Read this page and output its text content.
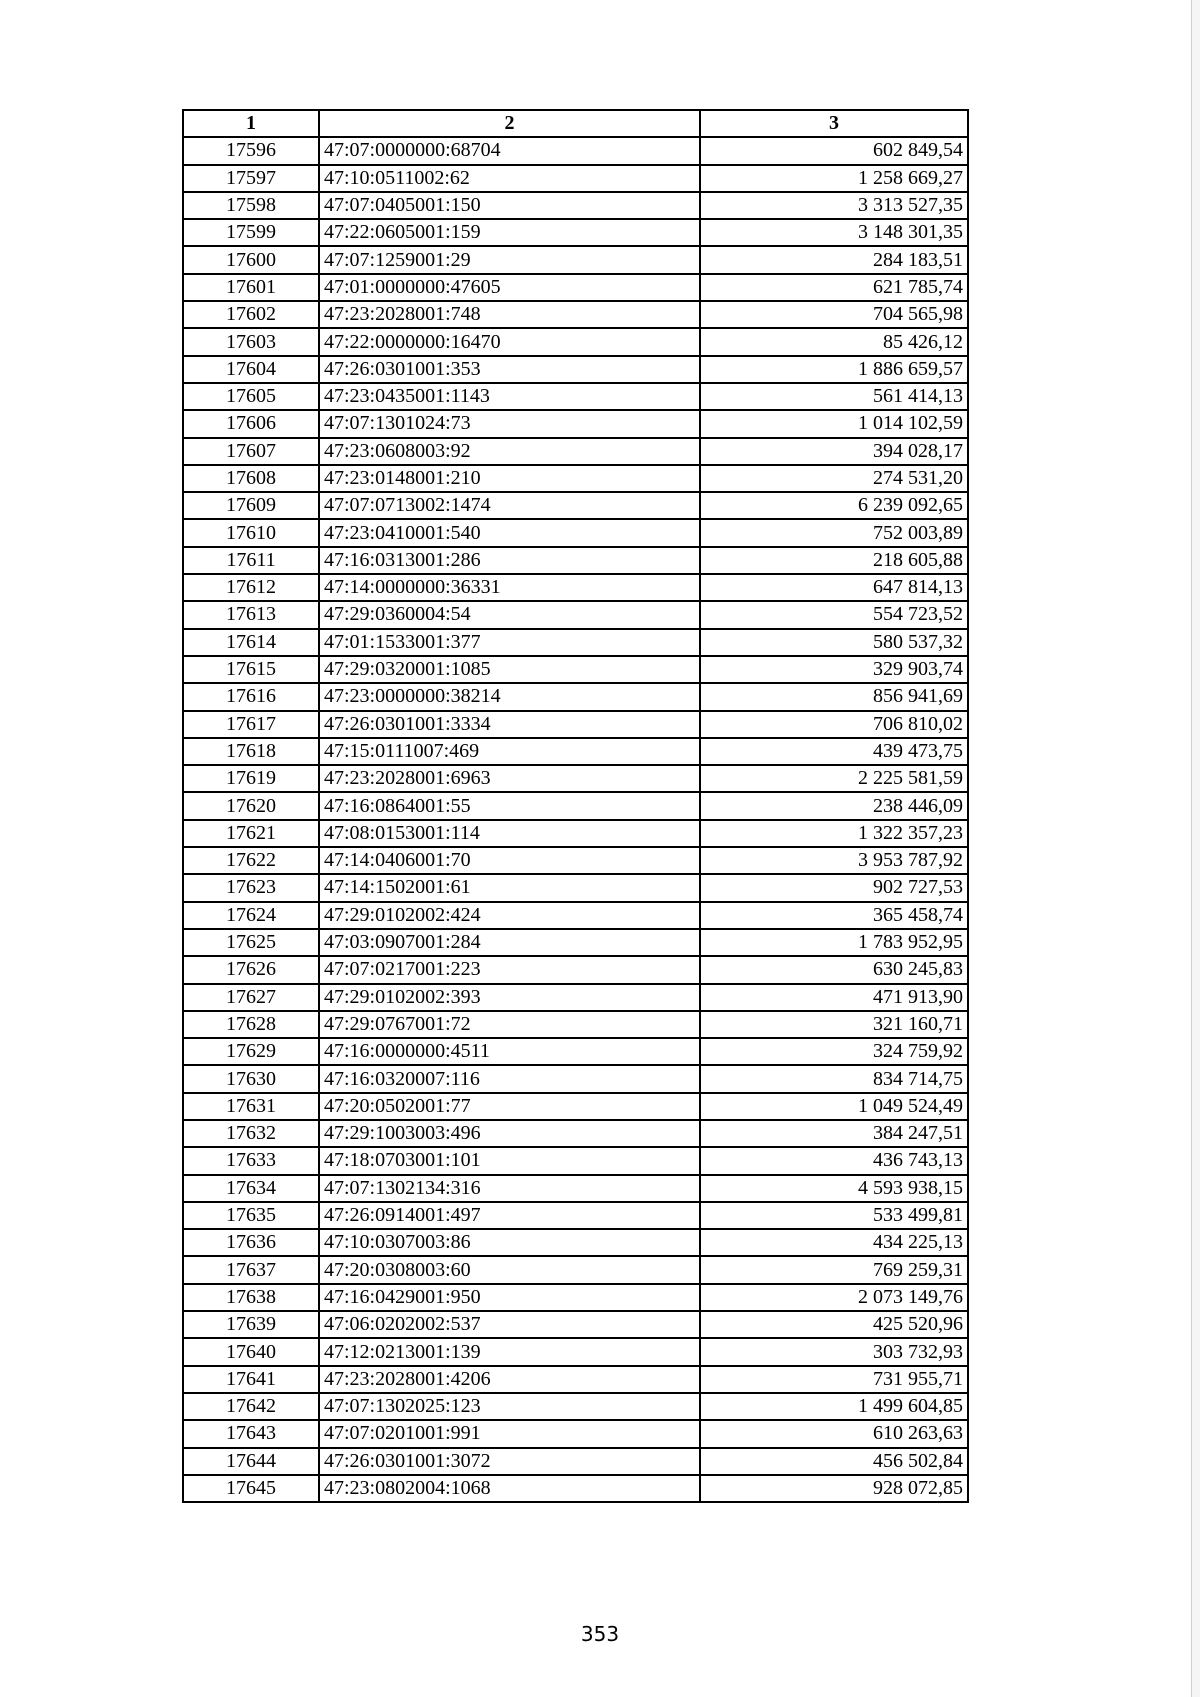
1	2	3
17596	47:07:0000000:68704	602 849,54
17597	47:10:0511002:62	1 258 669,27
17598	47:07:0405001:150	3 313 527,35
17599	47:22:0605001:159	3 148 301,35
17600	47:07:1259001:29	284 183,51
17601	47:01:0000000:47605	621 785,74
17602	47:23:2028001:748	704 565,98
17603	47:22:0000000:16470	85 426,12
17604	47:26:0301001:353	1 886 659,57
17605	47:23:0435001:1143	561 414,13
17606	47:07:1301024:73	1 014 102,59
17607	47:23:0608003:92	394 028,17
17608	47:23:0148001:210	274 531,20
17609	47:07:0713002:1474	6 239 092,65
17610	47:23:0410001:540	752 003,89
17611	47:16:0313001:286	218 605,88
17612	47:14:0000000:36331	647 814,13
17613	47:29:0360004:54	554 723,52
17614	47:01:1533001:377	580 537,32
17615	47:29:0320001:1085	329 903,74
17616	47:23:0000000:38214	856 941,69
17617	47:26:0301001:3334	706 810,02
17618	47:15:0111007:469	439 473,75
17619	47:23:2028001:6963	2 225 581,59
17620	47:16:0864001:55	238 446,09
17621	47:08:0153001:114	1 322 357,23
17622	47:14:0406001:70	3 953 787,92
17623	47:14:1502001:61	902 727,53
17624	47:29:0102002:424	365 458,74
17625	47:03:0907001:284	1 783 952,95
17626	47:07:0217001:223	630 245,83
17627	47:29:0102002:393	471 913,90
17628	47:29:0767001:72	321 160,71
17629	47:16:0000000:4511	324 759,92
17630	47:16:0320007:116	834 714,75
17631	47:20:0502001:77	1 049 524,49
17632	47:29:1003003:496	384 247,51
17633	47:18:0703001:101	436 743,13
17634	47:07:1302134:316	4 593 938,15
17635	47:26:0914001:497	533 499,81
17636	47:10:0307003:86	434 225,13
17637	47:20:0308003:60	769 259,31
17638	47:16:0429001:950	2 073 149,76
17639	47:06:0202002:537	425 520,96
17640	47:12:0213001:139	303 732,93
17641	47:23:2028001:4206	731 955,71
17642	47:07:1302025:123	1 499 604,85
17643	47:07:0201001:991	610 263,63
17644	47:26:0301001:3072	456 502,84
17645	47:23:0802004:1068	928 072,85
353
